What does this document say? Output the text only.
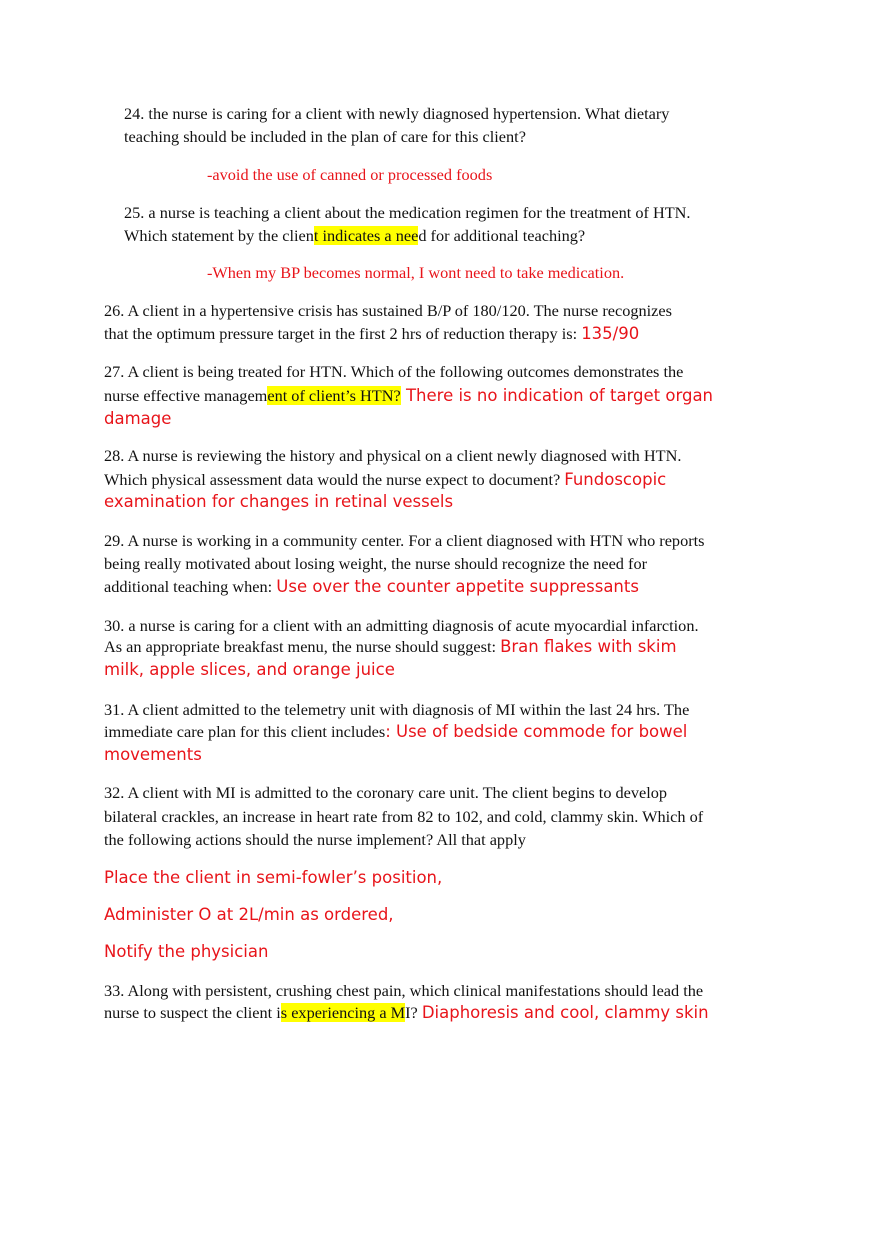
24. the nurse is caring for a client with newly diagnosed hypertension. What dietary
teaching should be included in the plan of care for this client?
-avoid the use of canned or processed foods
25. a nurse is teaching a client about the medication regimen for the treatment of HTN.
Which statement by the client indicates a need for additional teaching?
-When my BP becomes normal, I wont need to take medication.
26. A client in a hypertensive crisis has sustained B/P of 180/120. The nurse recognizes
that the optimum pressure target in the first 2 hrs of reduction therapy is: 135/90
27. A client is being treated for HTN. Which of the following outcomes demonstrates the
nurse effective management of client’s HTN? There is no indication of target organ
damage
28. A nurse is reviewing the history and physical on a client newly diagnosed with HTN.
Which physical assessment data would the nurse expect to document? Fundoscopic
examination for changes in retinal vessels
29. A nurse is working in a community center. For a client diagnosed with HTN who reports
being really motivated about losing weight, the nurse should recognize the need for
additional teaching when: Use over the counter appetite suppressants
30. a nurse is caring for a client with an admitting diagnosis of acute myocardial infarction.
As an appropriate breakfast menu, the nurse should suggest: Bran flakes with skim
milk, apple slices, and orange juice
31. A client admitted to the telemetry unit with diagnosis of MI within the last 24 hrs. The
immediate care plan for this client includes: Use of bedside commode for bowel
movements
32. A client with MI is admitted to the coronary care unit. The client begins to develop
bilateral crackles, an increase in heart rate from 82 to 102, and cold, clammy skin. Which of
the following actions should the nurse implement? All that apply
Place the client in semi-fowler’s position,
Administer O at 2L/min as ordered,
Notify the physician
33. Along with persistent, crushing chest pain, which clinical manifestations should lead the
nurse to suspect the client is experiencing a MI? Diaphoresis and cool, clammy skin
